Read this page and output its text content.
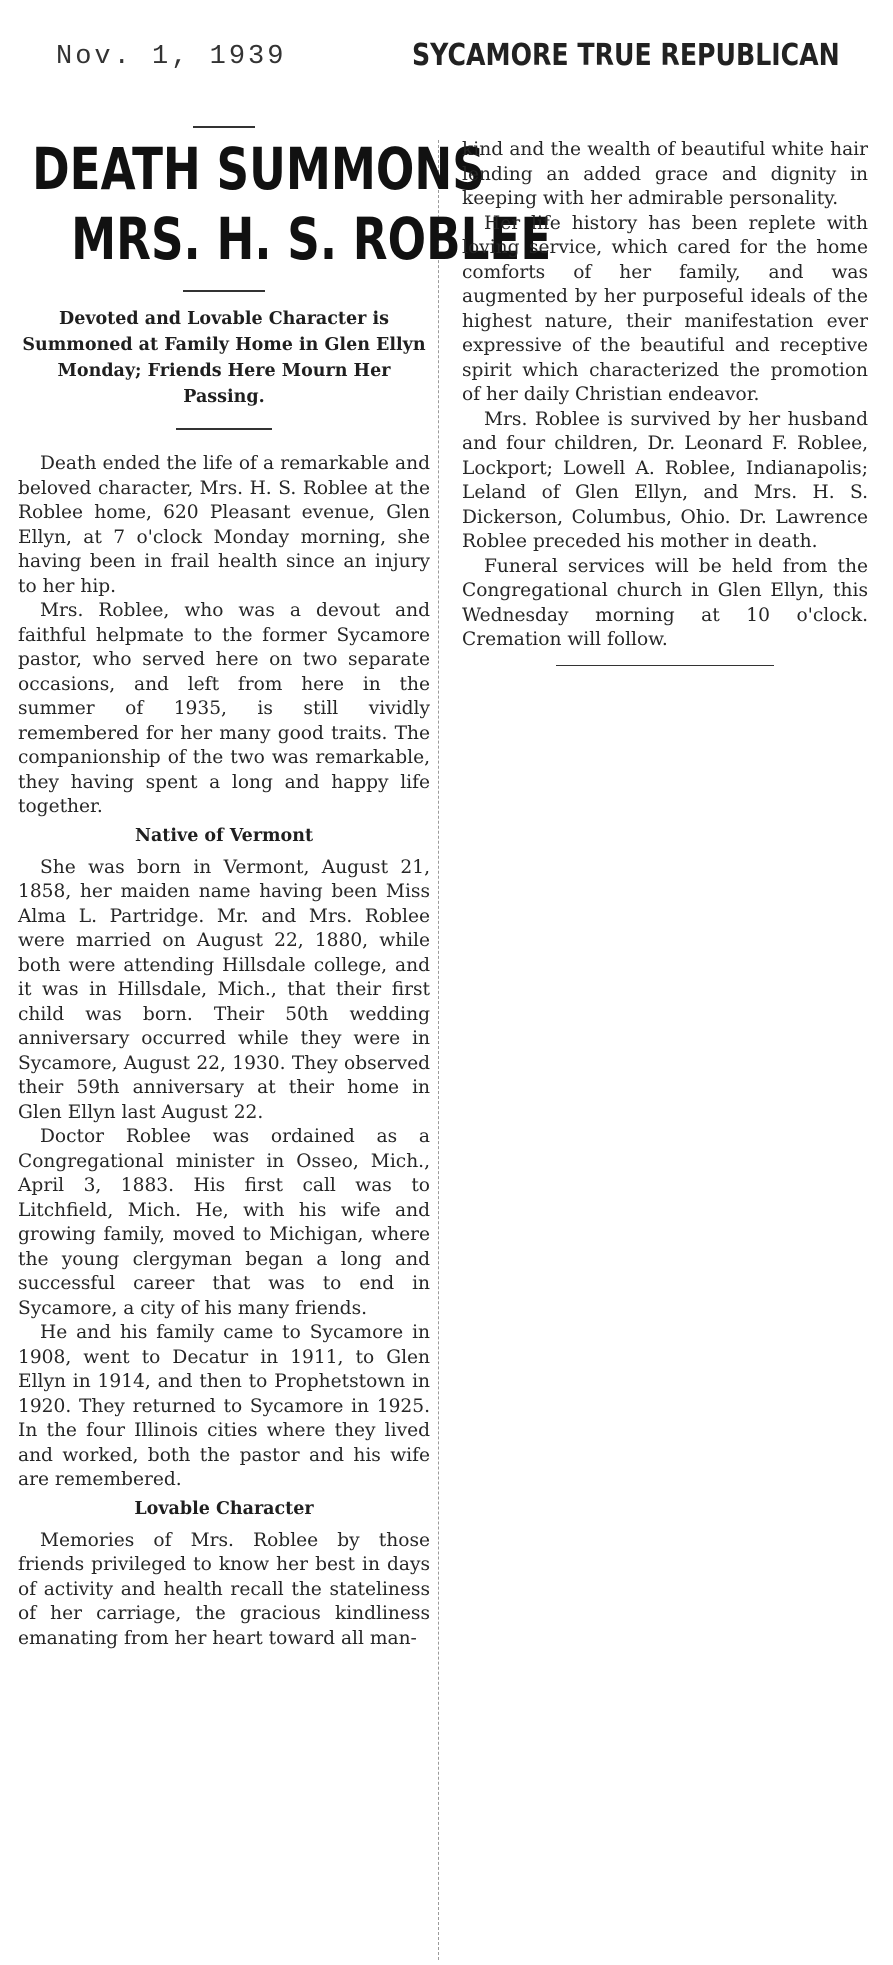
Nov. 1, 1939	SYCAMORE TRUE REPUBLICAN
DEATH SUMMONS
MRS. H. S. ROBLEE
Devoted and Lovable Character is Summoned at Family Home in Glen Ellyn Monday; Friends Here Mourn Her Passing.

Death ended the life of a remarkable and beloved character, Mrs. H. S. Roblee at the Roblee home, 620 Pleasant evenue, Glen Ellyn, at 7 o'clock Monday morning, she having been in frail health since an injury to her hip.

Mrs. Roblee, who was a devout and faithful helpmate to the former Sycamore pastor, who served here on two separate occasions, and left from here in the summer of 1935, is still vividly remembered for her many good traits. The companionship of the two was remarkable, they having spent a long and happy life together.

Native of Vermont

She was born in Vermont, August 21, 1858, her maiden name having been Miss Alma L. Partridge. Mr. and Mrs. Roblee were married on August 22, 1880, while both were attending Hillsdale college, and it was in Hillsdale, Mich., that their first child was born. Their 50th wedding anniversary occurred while they were in Sycamore, August 22, 1930. They observed their 59th anniversary at their home in Glen Ellyn last August 22.

Doctor Roblee was ordained as a Congregational minister in Osseo, Mich., April 3, 1883. His first call was to Litchfield, Mich. He, with his wife and growing family, moved to Michigan, where the young clergyman began a long and successful career that was to end in Sycamore, a city of his many friends.

He and his family came to Sycamore in 1908, went to Decatur in 1911, to Glen Ellyn in 1914, and then to Prophetstown in 1920. They returned to Sycamore in 1925. In the four Illinois cities where they lived and worked, both the pastor and his wife are remembered.

Lovable Character

Memories of Mrs. Roblee by those friends privileged to know her best in days of activity and health recall the stateliness of her carriage, the gracious kindliness emanating from her heart toward all man-

kind and the wealth of beautiful white hair lending an added grace and dignity in keeping with her admirable personality.

Her life history has been replete with loving service, which cared for the home comforts of her family, and was augmented by her purposeful ideals of the highest nature, their manifestation ever expressive of the beautiful and receptive spirit which characterized the promotion of her daily Christian endeavor.

Mrs. Roblee is survived by her husband and four children, Dr. Leonard F. Roblee, Lockport; Lowell A. Roblee, Indianapolis; Leland of Glen Ellyn, and Mrs. H. S. Dickerson, Columbus, Ohio. Dr. Lawrence Roblee preceded his mother in death.

Funeral services will be held from the Congregational church in Glen Ellyn, this Wednesday morning at 10 o'clock. Cremation will follow.
